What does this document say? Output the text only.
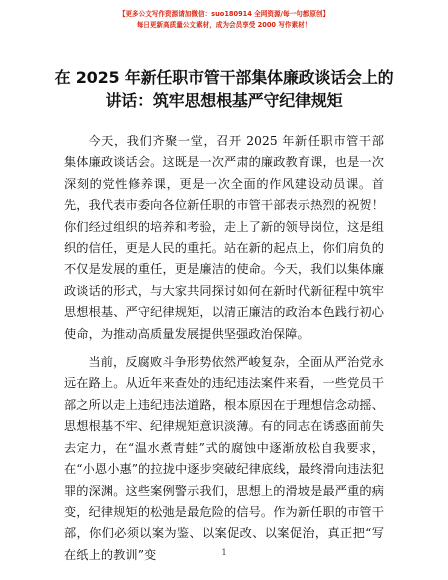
【更多公文写作资源请加微信：suo180914 全网资源/每一句都原创】
每日更新高质量公文素材，成为会员享受 2000 写作素材！
在 2025 年新任职市管干部集体廉政谈话会上的
讲话：筑牢思想根基严守纪律规矩

今天，我们齐聚一堂，召开 2025 年新任职市管干部集体廉政谈话会。这既是一次严肃的廉政教育课，也是一次深刻的党性修养课，更是一次全面的作风建设动员课。首先，我代表市委向各位新任职的市管干部表示热烈的祝贺！你们经过组织的培养和考验，走上了新的领导岗位，这是组织的信任，更是人民的重托。站在新的起点上，你们肩负的不仅是发展的重任，更是廉洁的使命。今天，我们以集体廉政谈话的形式，与大家共同探讨如何在新时代新征程中筑牢思想根基、严守纪律规矩，以清正廉洁的政治本色践行初心使命，为推动高质量发展提供坚强政治保障。

当前，反腐败斗争形势依然严峻复杂，全面从严治党永远在路上。从近年来查处的违纪违法案件来看，一些党员干部之所以走上违纪违法道路，根本原因在于理想信念动摇、思想根基不牢、纪律规矩意识淡薄。有的同志在诱惑面前失去定力，在“温水煮青蛙”式的腐蚀中逐渐放松自我要求，在“小恩小惠”的拉拢中逐步突破纪律底线，最终滑向违法犯罪的深渊。这些案例警示我们，思想上的滑坡是最严重的病变，纪律规矩的松弛是最危险的信号。作为新任职的市管干部，你们必须以案为鉴、以案促改、以案促治，真正把“写在纸上的教训”变	1
